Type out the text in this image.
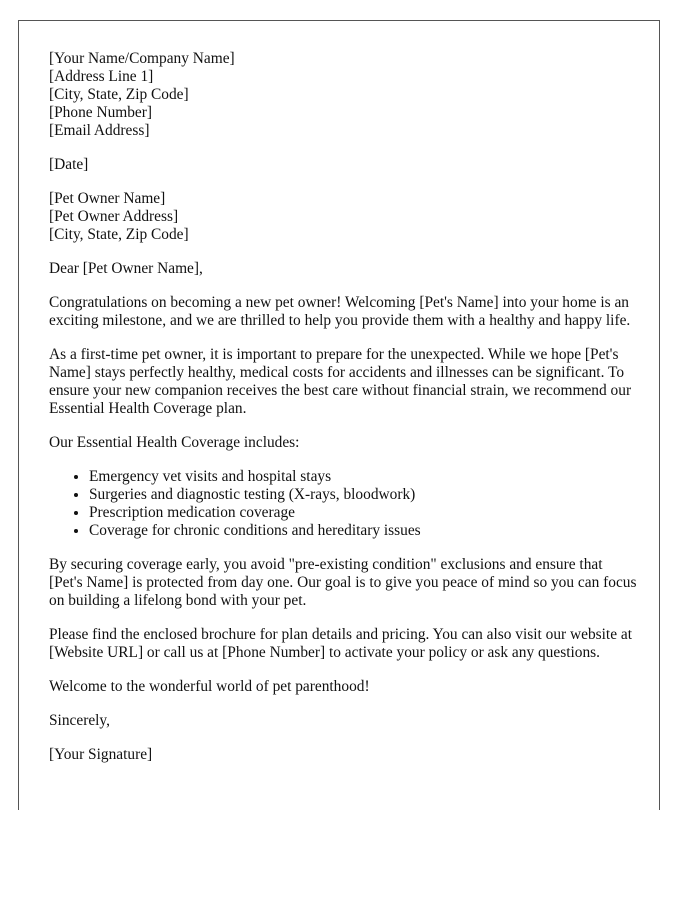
[Your Name/Company Name]
[Address Line 1]
[City, State, Zip Code]
[Phone Number]
[Email Address]
[Date]
[Pet Owner Name]
[Pet Owner Address]
[City, State, Zip Code]

Dear [Pet Owner Name],

Congratulations on becoming a new pet owner! Welcoming [Pet's Name] into your home is an exciting milestone, and we are thrilled to help you provide them with a healthy and happy life.

As a first-time pet owner, it is important to prepare for the unexpected. While we hope [Pet's Name] stays perfectly healthy, medical costs for accidents and illnesses can be significant. To ensure your new companion receives the best care without financial strain, we recommend our Essential Health Coverage plan.

Our Essential Health Coverage includes:

• Emergency vet visits and hospital stays
• Surgeries and diagnostic testing (X-rays, bloodwork)
• Prescription medication coverage
• Coverage for chronic conditions and hereditary issues

By securing coverage early, you avoid "pre-existing condition" exclusions and ensure that [Pet's Name] is protected from day one. Our goal is to give you peace of mind so you can focus on building a lifelong bond with your pet.

Please find the enclosed brochure for plan details and pricing. You can also visit our website at [Website URL] or call us at [Phone Number] to activate your policy or ask any questions.

Welcome to the wonderful world of pet parenthood!

Sincerely,

[Your Signature]
